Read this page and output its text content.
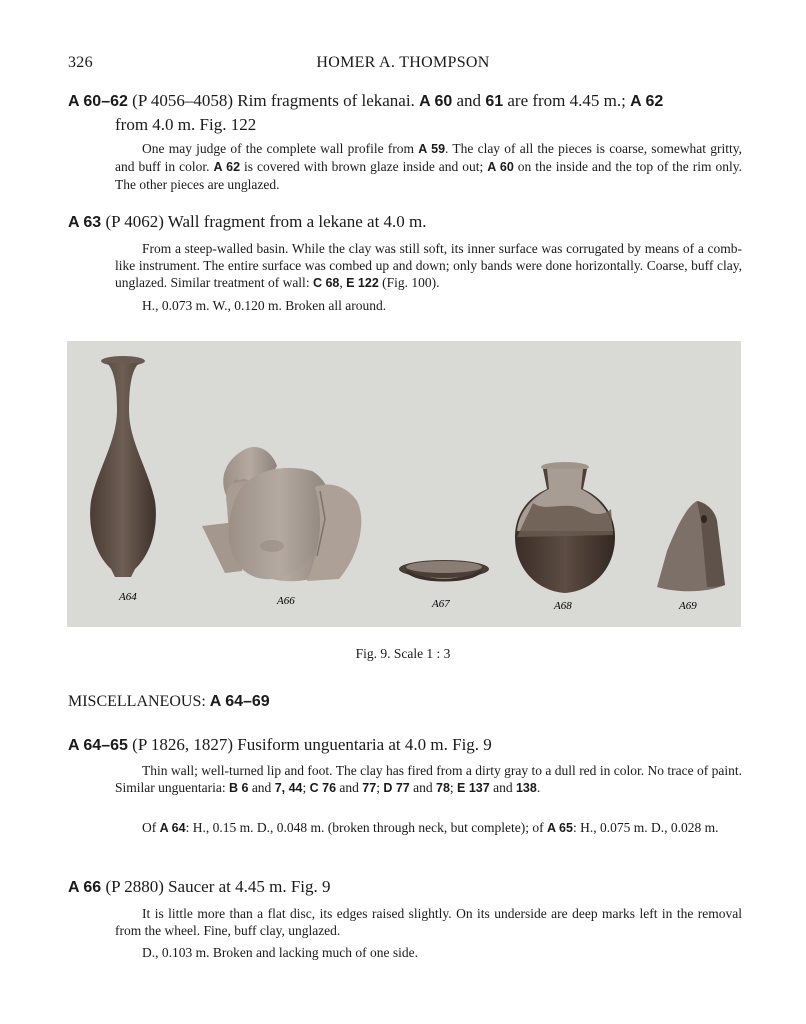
326	HOMER A. THOMPSON
A 60–62 (P 4056–4058) Rim fragments of lekanai. A 60 and 61 are from 4.45 m.; A 62
from 4.0 m. Fig. 122
One may judge of the complete wall profile from A 59. The clay of all the pieces is coarse, somewhat gritty, and buff in color. A 62 is covered with brown glaze inside and out; A 60 on the inside and the top of the rim only. The other pieces are unglazed.
A 63 (P 4062) Wall fragment from a lekane at 4.0 m.
From a steep-walled basin. While the clay was still soft, its inner surface was corrugated by means of a comb-like instrument. The entire surface was combed up and down; only bands were done horizontally. Coarse, buff clay, unglazed. Similar treatment of wall: C 68, E 122 (Fig. 100).
H., 0.073 m. W., 0.120 m. Broken all around.
A64	A66	A67	A68	A69
Fig. 9. Scale 1 : 3
MISCELLANEOUS: A 64–69
A 64–65 (P 1826, 1827) Fusiform unguentaria at 4.0 m. Fig. 9
Thin wall; well-turned lip and foot. The clay has fired from a dirty gray to a dull red in color. No trace of paint. Similar unguentaria: B 6 and 7, 44; C 76 and 77; D 77 and 78; E 137 and 138.
Of A 64: H., 0.15 m. D., 0.048 m. (broken through neck, but complete); of A 65: H., 0.075 m. D., 0.028 m.
A 66 (P 2880) Saucer at 4.45 m. Fig. 9
It is little more than a flat disc, its edges raised slightly. On its underside are deep marks left in the removal from the wheel. Fine, buff clay, unglazed.
D., 0.103 m. Broken and lacking much of one side.
